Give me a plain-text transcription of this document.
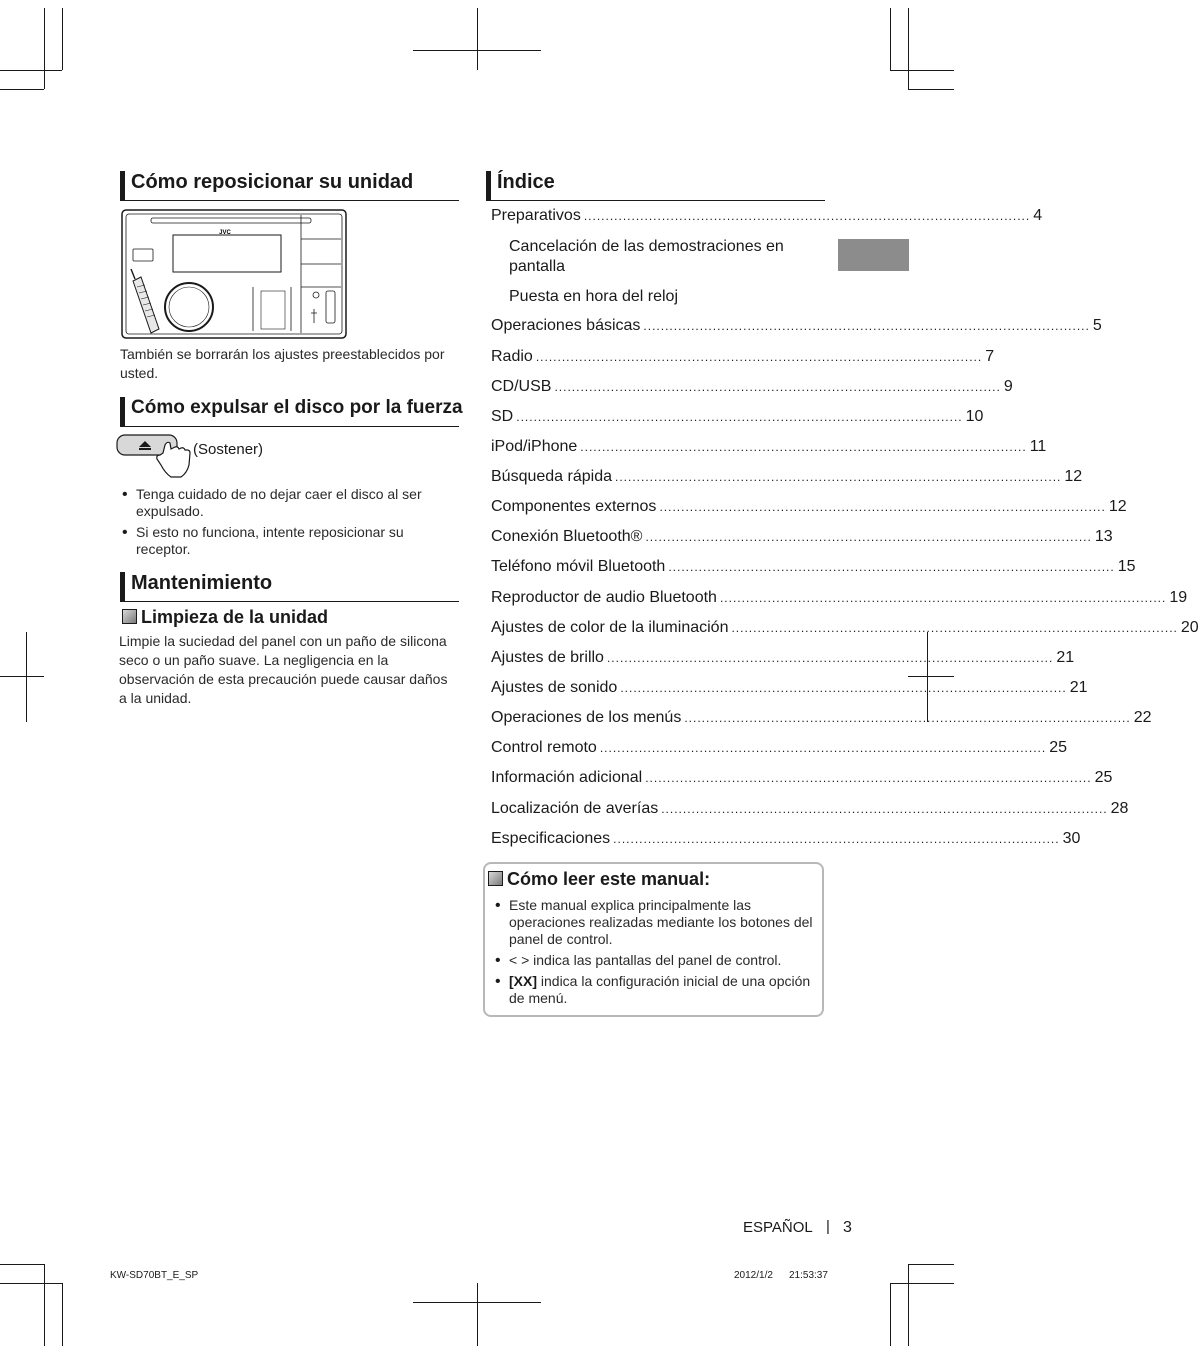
Cómo reposicionar su unidad
JVC
También se borrarán los ajustes preestablecidos por usted.
Cómo expulsar el disco por la fuerza
(Sostener)
• Tenga cuidado de no dejar caer el disco al ser expulsado.
• Si esto no funciona, intente reposicionar su receptor.
Mantenimiento
Limpieza de la unidad
Limpie la suciedad del panel con un paño de silicona seco o un paño suave. La negligencia en la observación de esta precaución puede causar daños a la unidad.
Índice
Preparativos ....................................................................................................... 4
Cancelación de las demostraciones en pantalla
Puesta en hora del reloj
Operaciones básicas ....................................................................................................... 5
Radio ....................................................................................................... 7
CD/USB ....................................................................................................... 9
SD ....................................................................................................... 10
iPod/iPhone ....................................................................................................... 11
Búsqueda rápida ....................................................................................................... 12
Componentes externos ....................................................................................................... 12
Conexión Bluetooth® ....................................................................................................... 13
Teléfono móvil Bluetooth ....................................................................................................... 15
Reproductor de audio Bluetooth ....................................................................................................... 19
Ajustes de color de la iluminación ....................................................................................................... 20
Ajustes de brillo ....................................................................................................... 21
Ajustes de sonido ....................................................................................................... 21
Operaciones de los menús ....................................................................................................... 22
Control remoto ....................................................................................................... 25
Información adicional ....................................................................................................... 25
Localización de averías ....................................................................................................... 28
Especificaciones ....................................................................................................... 30
Cómo leer este manual:
• Este manual explica principalmente las operaciones realizadas mediante los botones del panel de control.
• < > indica las pantallas del panel de control.
• [XX] indica la configuración inicial de una opción de menú.
ESPAÑOL | 3
KW-SD70BT_E_SP	2012/1/2 21:53:37
